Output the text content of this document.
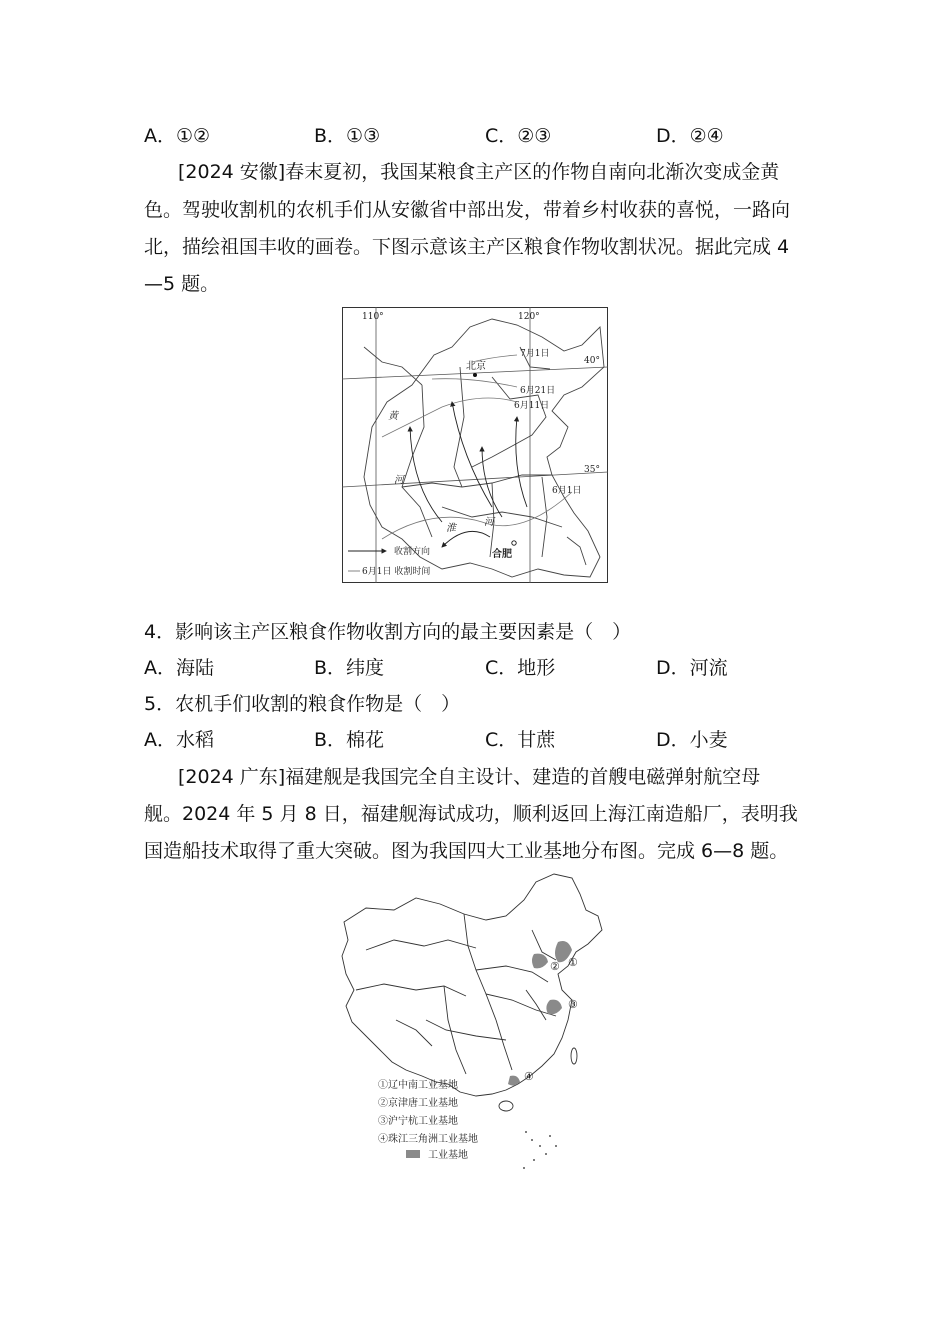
A．①②	B．①③	C．②③	D．②④
[2024 安徽]春末夏初，我国某粮食主产区的作物自南向北渐次变成金黄
色。驾驶收割机的农机手们从安徽省中部出发，带着乡村收获的喜悦，一路向
北，描绘祖国丰收的画卷。下图示意该主产区粮食作物收割状况。据此完成 4
—5 题。
110°	120°
40°
35°
北京
合肥
7月1日
6月21日
6月11日
6月1日
黄
河
淮
河
收割方向
6月1日 收割时间
4．影响该主产区粮食作物收割方向的最主要因素是（　）
A．海陆	B．纬度	C．地形	D．河流
5．农机手们收割的粮食作物是（　）
A．水稻	B．棉花	C．甘蔗	D．小麦
[2024 广东]福建舰是我国完全自主设计、建造的首艘电磁弹射航空母
舰。2024 年 5 月 8 日，福建舰海试成功，顺利返回上海江南造船厂，表明我
国造船技术取得了重大突破。图为我国四大工业基地分布图。完成 6—8 题。
①
②
③
④
①辽中南工业基地
②京津唐工业基地
③沪宁杭工业基地
④珠江三角洲工业基地
工业基地
